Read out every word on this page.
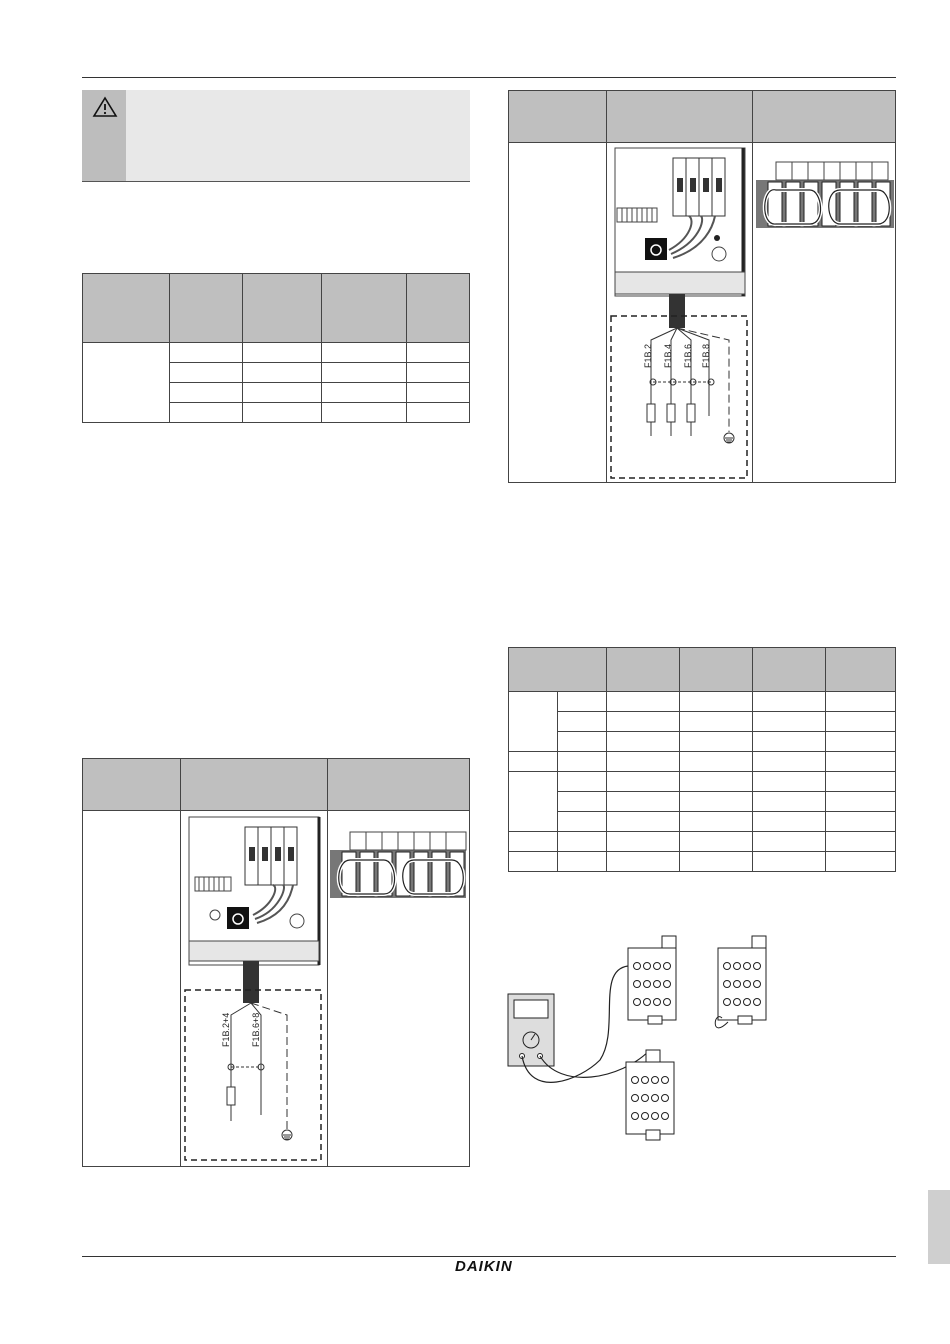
F1B.2+4 F1B.6+8

F1B.2 F1B.4 F1B.6 F1B.8

DAIKIN
